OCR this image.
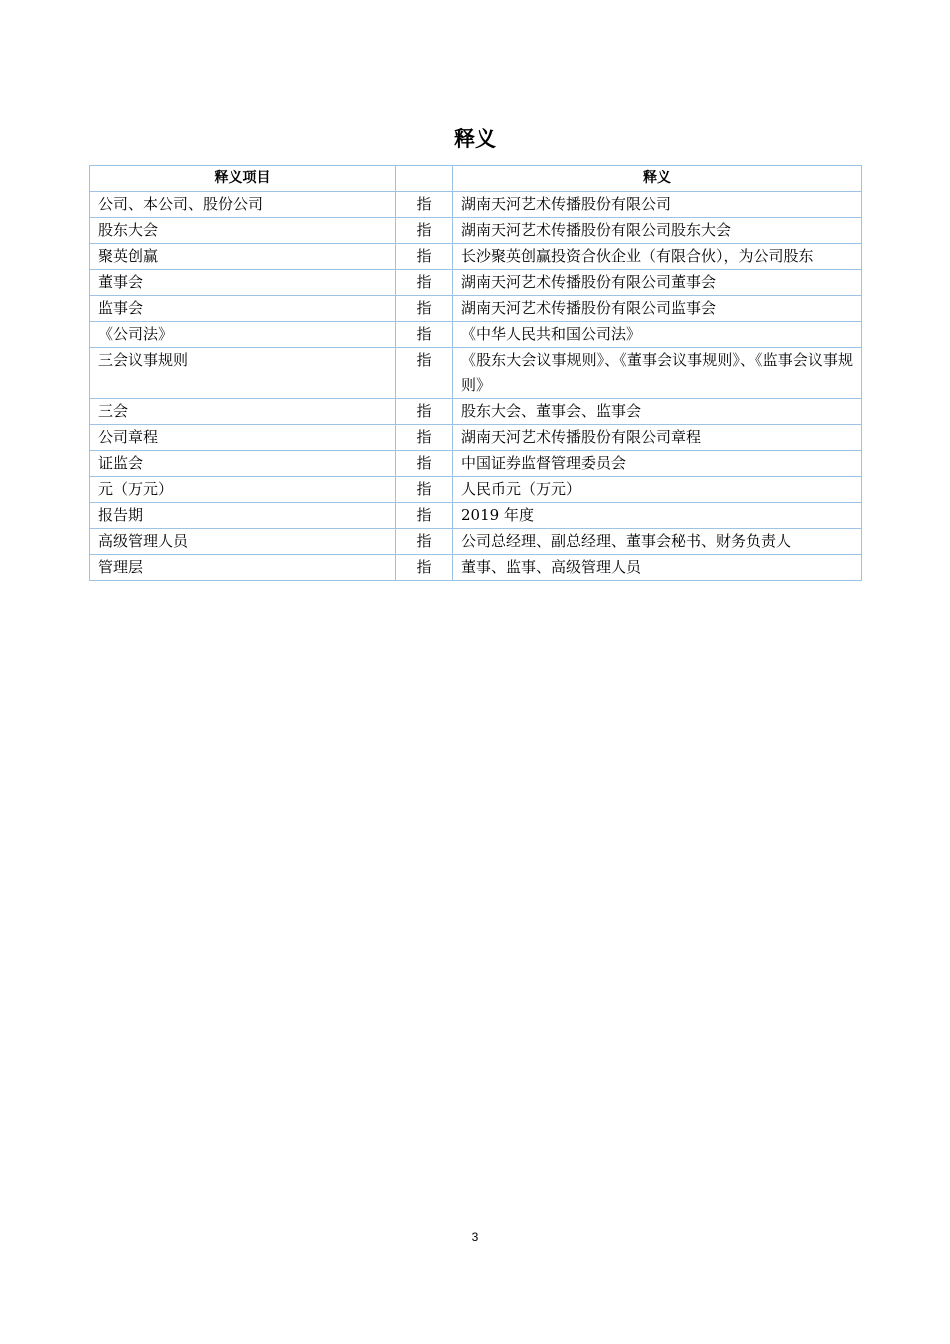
释义
释义项目		释义
公司、本公司、股份公司	指	湖南天河艺术传播股份有限公司
股东大会	指	湖南天河艺术传播股份有限公司股东大会
聚英创赢	指	长沙聚英创赢投资合伙企业（有限合伙），为公司股东
董事会	指	湖南天河艺术传播股份有限公司董事会
监事会	指	湖南天河艺术传播股份有限公司监事会
《公司法》	指	《中华人民共和国公司法》
三会议事规则	指	《股东大会议事规则》、《董事会议事规则》、《监事会议事规则》
三会	指	股东大会、董事会、监事会
公司章程	指	湖南天河艺术传播股份有限公司章程
证监会	指	中国证券监督管理委员会
元（万元）	指	人民币元（万元）
报告期	指	2019 年度
高级管理人员	指	公司总经理、副总经理、董事会秘书、财务负责人
管理层	指	董事、监事、高级管理人员
3
